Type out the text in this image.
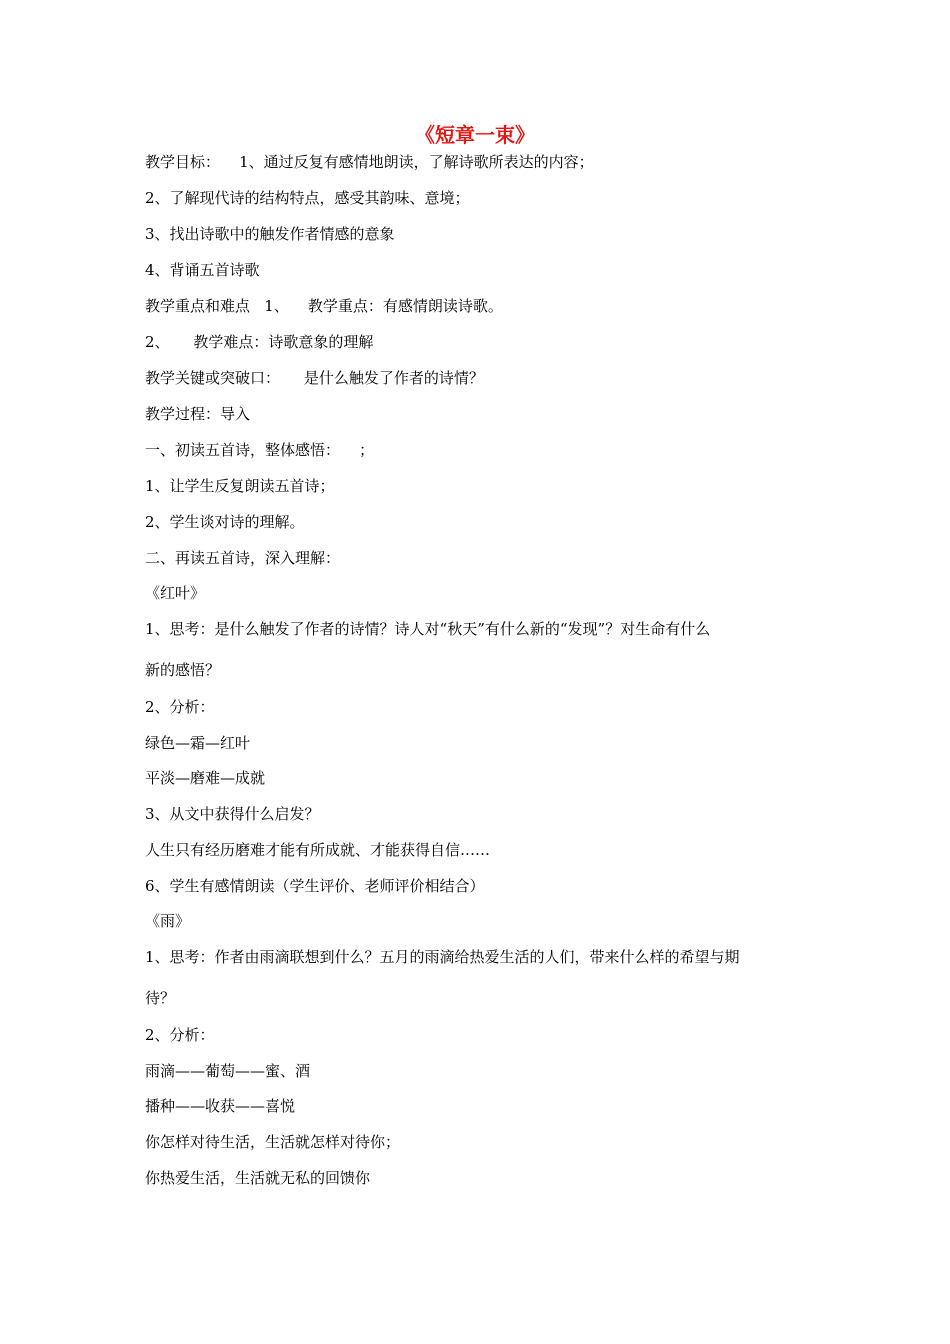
《短章一束》
教学目标：    1、通过反复有感情地朗读，了解诗歌所表达的内容；
2、了解现代诗的结构特点，感受其韵味、意境；
3、找出诗歌中的触发作者情感的意象
4、背诵五首诗歌
教学重点和难点   1、    教学重点：有感情朗读诗歌。
2、     教学难点：诗歌意象的理解
教学关键或突破口：     是什么触发了作者的诗情？
教学过程：导入
一、初读五首诗，整体感悟：    ；
1、让学生反复朗读五首诗；
2、学生谈对诗的理解。
二、再读五首诗，深入理解：
《红叶》
1、思考：是什么触发了作者的诗情？诗人对“秋天”有什么新的“发现”？对生命有什么
新的感悟？
2、分析：
绿色—霜—红叶
平淡—磨难—成就
3、从文中获得什么启发？
人生只有经历磨难才能有所成就、才能获得自信……
6、学生有感情朗读（学生评价、老师评价相结合）
《雨》
1、思考：作者由雨滴联想到什么？五月的雨滴给热爱生活的人们，带来什么样的希望与期
待？
2、分析：
雨滴——葡萄——蜜、酒
播种——收获——喜悦
你怎样对待生活，生活就怎样对待你；
你热爱生活，生活就无私的回馈你
